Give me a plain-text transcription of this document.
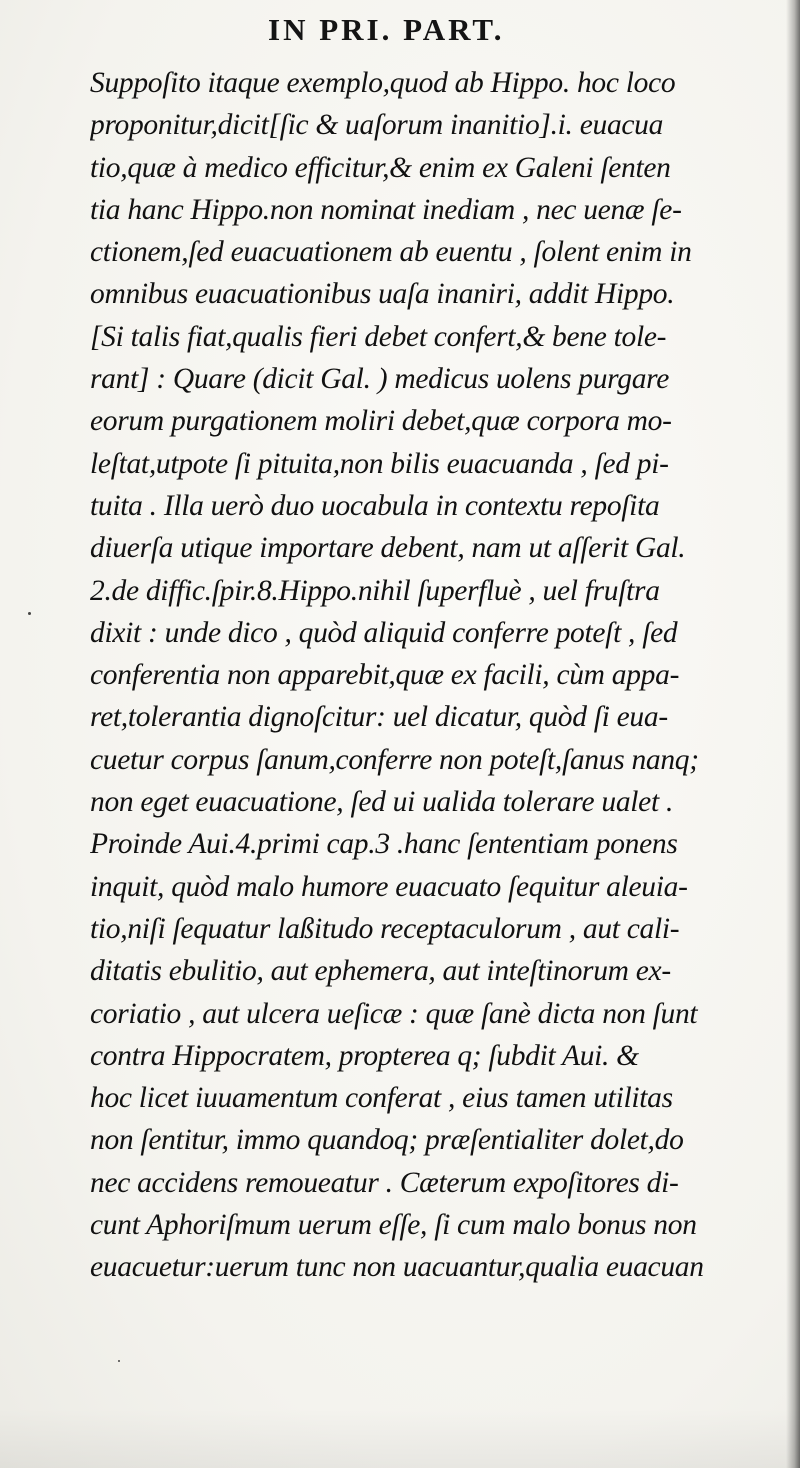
IN PRI. PART.
Suppoſito itaque exemplo,quod ab Hippo. hoc loco
proponitur,dicit[ſic & uaſorum inanitio].i. euacua
tio,quæ à medico efficitur,& enim ex Galeni ſenten
tia hanc Hippo.non nominat inediam , nec uenæ ſe-
ctionem,ſed euacuationem ab euentu , ſolent enim in
omnibus euacuationibus uaſa inaniri, addit Hippo.
[Si talis fiat,qualis fieri debet confert,& bene tole-
rant] : Quare (dicit Gal. ) medicus uolens purgare
eorum purgationem moliri debet,quæ corpora mo-
leſtat,utpote ſi pituita,non bilis euacuanda , ſed pi-
tuita . Illa uerò duo uocabula in contextu repoſita
diuerſa utique importare debent, nam ut aſſerit Gal.
2.de diffic.ſpir.8.Hippo.nihil ſuperfluè , uel fruſtra
dixit : unde dico , quòd aliquid conferre poteſt , ſed
conferentia non apparebit,quæ ex facili, cùm appa-
ret,tolerantia dignoſcitur: uel dicatur, quòd ſi eua-
cuetur corpus ſanum,conferre non poteſt,ſanus nanq;
non eget euacuatione, ſed ui ualida tolerare ualet .
Proinde Aui.4.primi cap.3 .hanc ſententiam ponens
inquit, quòd malo humore euacuato ſequitur aleuia-
tio,niſi ſequatur laßitudo receptaculorum , aut cali-
ditatis ebulitio, aut ephemera, aut inteſtinorum ex-
coriatio , aut ulcera ueſicæ : quæ ſanè dicta non ſunt
contra Hippocratem, propterea q; ſubdit Aui. &
hoc licet iuuamentum conferat , eius tamen utilitas
non ſentitur, immo quandoq; præſentialiter dolet,do
nec accidens remoueatur . Cæterum expoſitores di-
cunt Aphoriſmum uerum eſſe, ſi cum malo bonus non
euacuetur:uerum tunc non uacuantur,qualia euacuan
